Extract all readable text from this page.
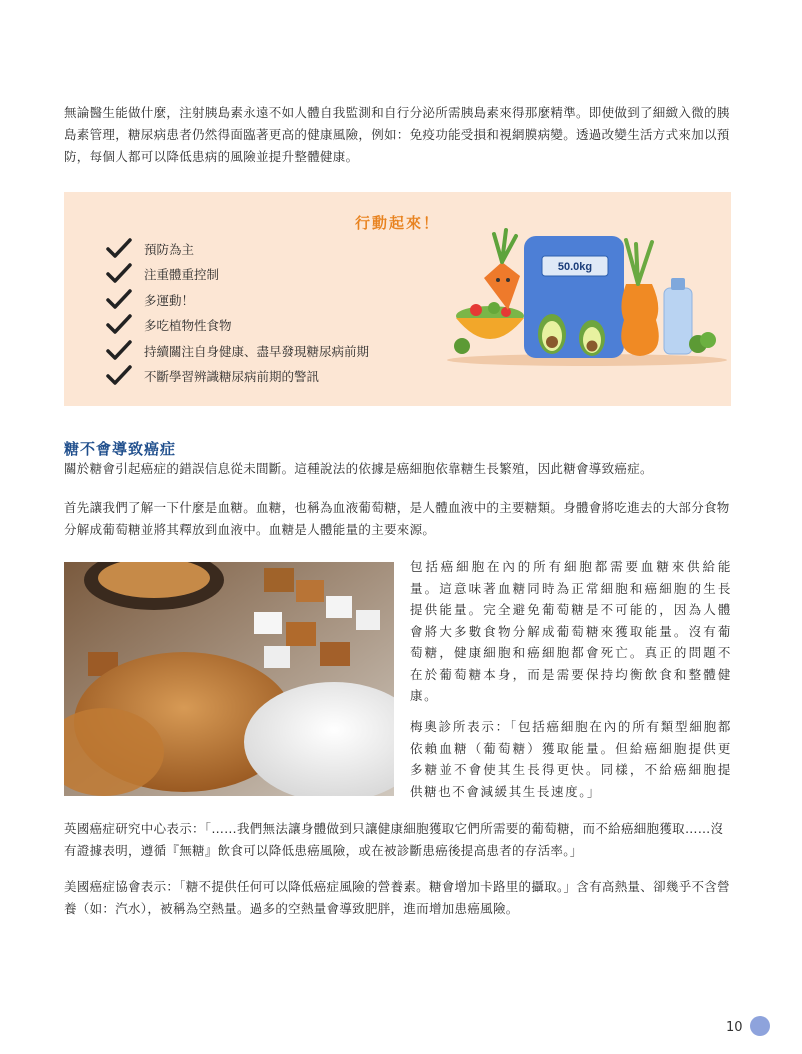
無論醫生能做什麼，注射胰島素永遠不如人體自我監測和自行分泌所需胰島素來得那麼精準。即使做到了細緻入微的胰島素管理，糖尿病患者仍然得面臨著更高的健康風險，例如：免疫功能受損和視網膜病變。透過改變生活方式來加以預防，每個人都可以降低患病的風險並提升整體健康。

行動起來！
預防為主
注重體重控制
多運動！
多吃植物性食物
持續關注自身健康、盡早發現糖尿病前期
不斷學習辨識糖尿病前期的警訊
50.0kg
糖不會導致癌症

關於糖會引起癌症的錯誤信息從未間斷。這種說法的依據是癌細胞依靠糖生長繁殖，因此糖會導致癌症。

首先讓我們了解一下什麼是血糖。血糖，也稱為血液葡萄糖，是人體血液中的主要糖類。身體會將吃進去的大部分食物分解成葡萄糖並將其釋放到血液中。血糖是人體能量的主要來源。

包括癌細胞在內的所有細胞都需要血糖來供給能量。這意味著血糖同時為正常細胞和癌細胞的生長提供能量。完全避免葡萄糖是不可能的，因為人體會將大多數食物分解成葡萄糖來獲取能量。沒有葡萄糖，健康細胞和癌細胞都會死亡。真正的問題不在於葡萄糖本身，而是需要保持均衡飲食和整體健康。

梅奧診所表示：「包括癌細胞在內的所有類型細胞都依賴血糖（葡萄糖）獲取能量。但給癌細胞提供更多糖並不會使其生長得更快。同樣，不給癌細胞提供糖也不會減緩其生長速度。」

英國癌症研究中心表示：「……我們無法讓身體做到只讓健康細胞獲取它們所需要的葡萄糖，而不給癌細胞獲取……沒有證據表明，遵循『無糖』飲食可以降低患癌風險，或在被診斷患癌後提高患者的存活率。」

美國癌症協會表示：「糖不提供任何可以降低癌症風險的營養素。糖會增加卡路里的攝取。」含有高熱量、卻幾乎不含營養（如：汽水），被稱為空熱量。過多的空熱量會導致肥胖，進而增加患癌風險。

10
